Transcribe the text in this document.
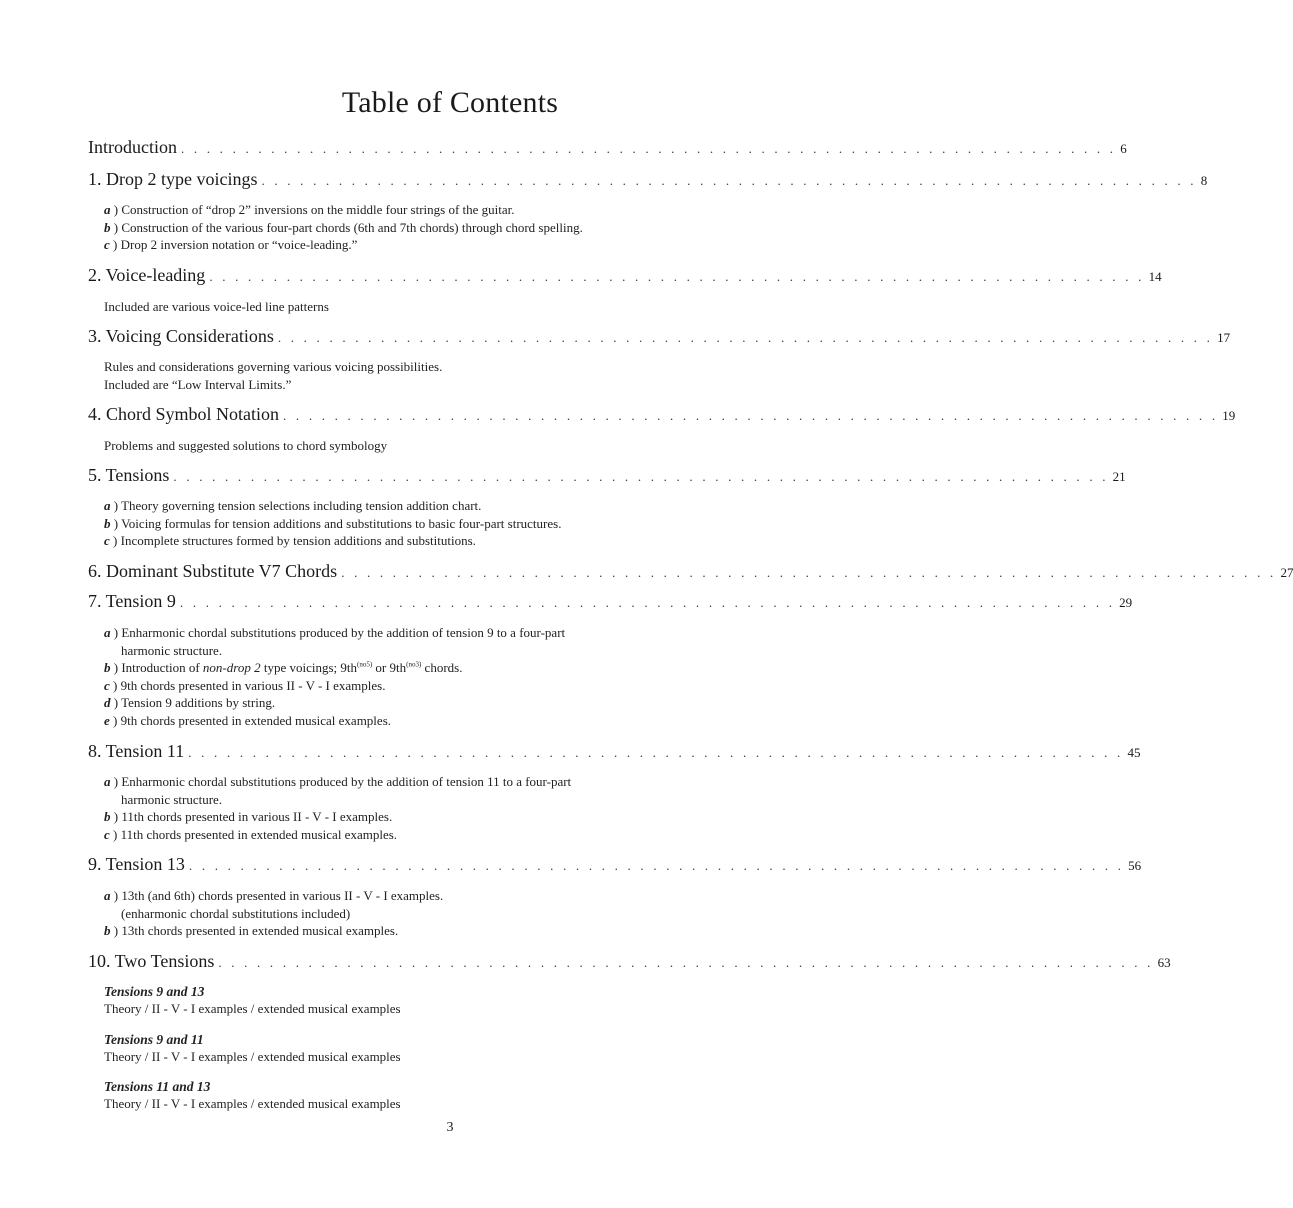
Table of Contents
Introduction . . . . . . . . . . . . . . . . . . . . . . . . . . . . . . . . . . . . . . . . . . . . . . . . . . . . . . . . . . . . . . . . . . . . . . . . . 6
1. Drop 2 type voicings . . . . . . . . . . . . . . . . . . . . . . . . . . . . . . . . . . . . . . . . . . . . . . . . . . . . . . . . . . . . . . . . . . . . . . . . . 8
a ) Construction of “drop 2” inversions on the middle four strings of the guitar.
b ) Construction of the various four-part chords (6th and 7th chords) through chord spelling.
c ) Drop 2 inversion notation or “voice-leading.”
2. Voice-leading . . . . . . . . . . . . . . . . . . . . . . . . . . . . . . . . . . . . . . . . . . . . . . . . . . . . . . . . . . . . . . . . . . . . . . . . . 14
Included are various voice-led line patterns
3. Voicing Considerations . . . . . . . . . . . . . . . . . . . . . . . . . . . . . . . . . . . . . . . . . . . . . . . . . . . . . . . . . . . . . . . . . . . . . . . . . 17
Rules and considerations governing various voicing possibilities.
Included are “Low Interval Limits.”
4. Chord Symbol Notation . . . . . . . . . . . . . . . . . . . . . . . . . . . . . . . . . . . . . . . . . . . . . . . . . . . . . . . . . . . . . . . . . . . . . . . . . 19
Problems and suggested solutions to chord symbology
5. Tensions . . . . . . . . . . . . . . . . . . . . . . . . . . . . . . . . . . . . . . . . . . . . . . . . . . . . . . . . . . . . . . . . . . . . . . . . . 21
a ) Theory governing tension selections including tension addition chart.
b ) Voicing formulas for tension additions and substitutions to basic four-part structures.
c ) Incomplete structures formed by tension additions and substitutions.
6. Dominant Substitute V7 Chords . . . . . . . . . . . . . . . . . . . . . . . . . . . . . . . . . . . . . . . . . . . . . . . . . . . . . . . . . . . . . . . . . . . . . . . . . 27
7. Tension 9 . . . . . . . . . . . . . . . . . . . . . . . . . . . . . . . . . . . . . . . . . . . . . . . . . . . . . . . . . . . . . . . . . . . . . . . . . 29
a ) Enharmonic chordal substitutions produced by the addition of tension 9 to a four-part
harmonic structure.
b ) Introduction of non-drop 2 type voicings; $9th^{(no5)}$ or $9th^{(no3)}$ chords.
c ) 9th chords presented in various II - V - I examples.
d ) Tension 9 additions by string.
e ) 9th chords presented in extended musical examples.
8. Tension 11 . . . . . . . . . . . . . . . . . . . . . . . . . . . . . . . . . . . . . . . . . . . . . . . . . . . . . . . . . . . . . . . . . . . . . . . . . 45
a ) Enharmonic chordal substitutions produced by the addition of tension 11 to a four-part
harmonic structure.
b ) 11th chords presented in various II - V - I examples.
c ) 11th chords presented in extended musical examples.
9. Tension 13 . . . . . . . . . . . . . . . . . . . . . . . . . . . . . . . . . . . . . . . . . . . . . . . . . . . . . . . . . . . . . . . . . . . . . . . . . 56
a ) 13th (and 6th) chords presented in various II - V - I examples.
(enharmonic chordal substitutions included)
b ) 13th chords presented in extended musical examples.
10. Two Tensions . . . . . . . . . . . . . . . . . . . . . . . . . . . . . . . . . . . . . . . . . . . . . . . . . . . . . . . . . . . . . . . . . . . . . . . . . 63
Tensions 9 and 13
Theory / II - V - I examples / extended musical examples
Tensions 9 and 11
Theory / II - V - I examples / extended musical examples
Tensions 11 and 13
Theory / II - V - I examples / extended musical examples
3
